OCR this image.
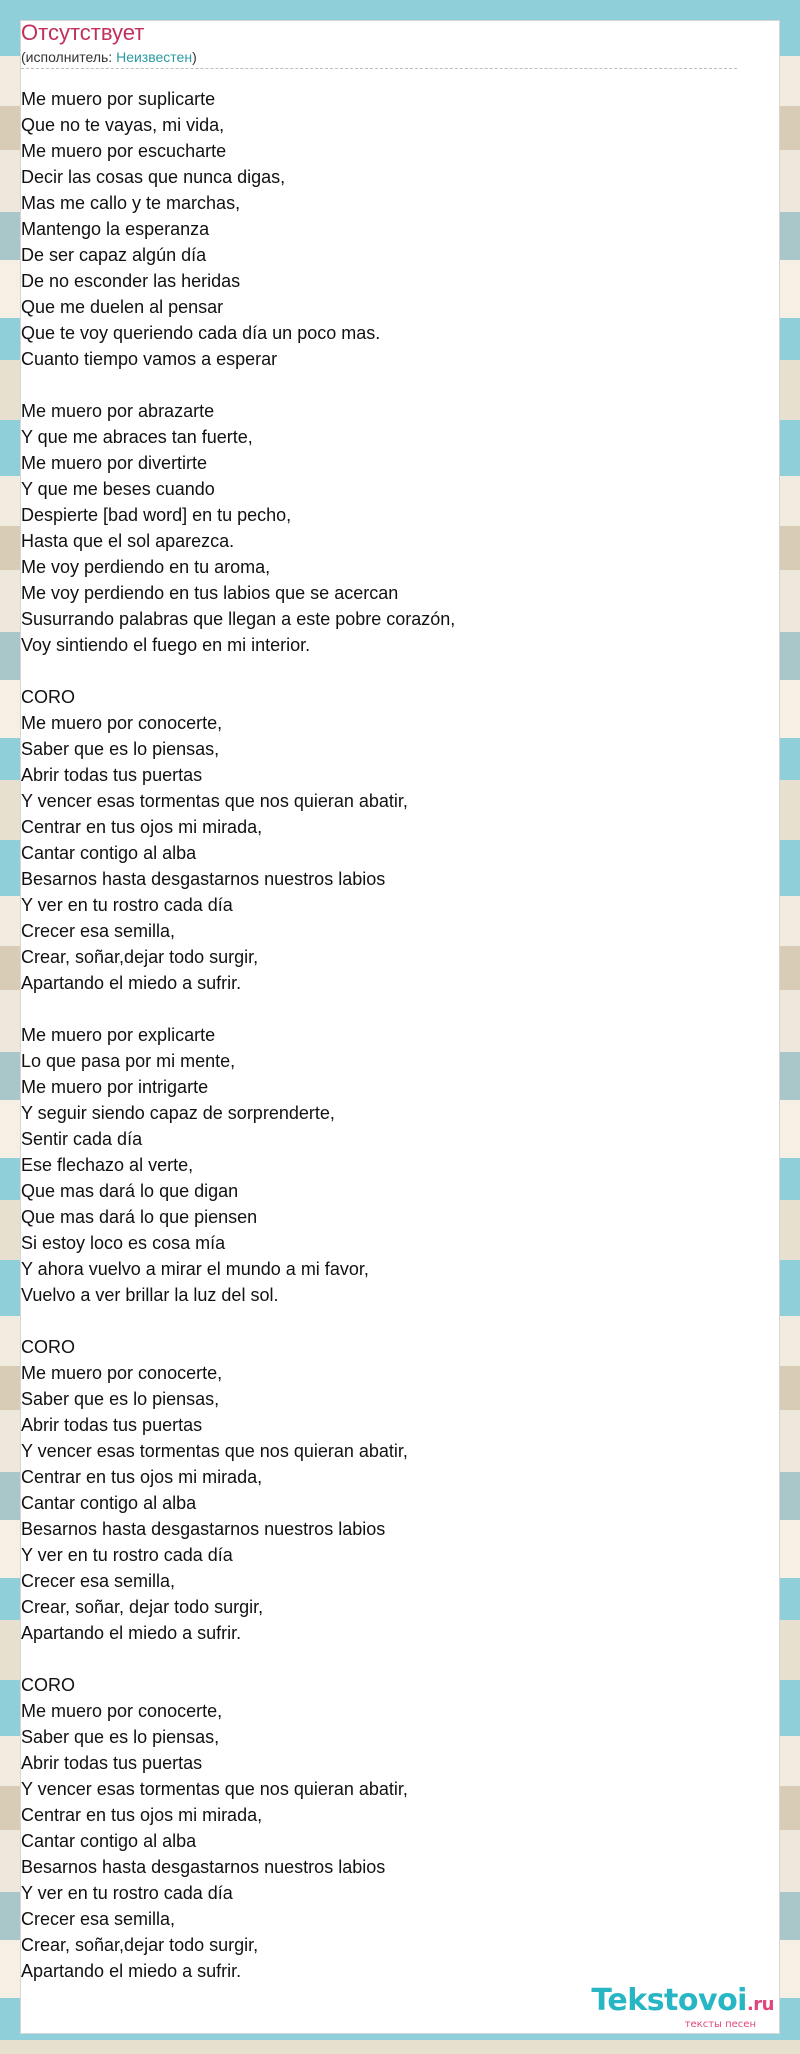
Отсутствует
(исполнитель: Неизвестен)
Me muero por suplicarte
Que no te vayas, mi vida,
Me muero por escucharte
Decir las cosas que nunca digas,
Mas me callo y te marchas,
Mantengo la esperanza
De ser capaz algún día
De no esconder las heridas
Que me duelen al pensar
Que te voy queriendo cada día un poco mas.
Cuanto tiempo vamos a esperar
Me muero por abrazarte
Y que me abraces tan fuerte,
Me muero por divertirte
Y que me beses cuando
Despierte [bad word] en tu pecho,
Hasta que el sol aparezca.
Me voy perdiendo en tu aroma,
Me voy perdiendo en tus labios que se acercan
Susurrando palabras que llegan a este pobre corazón,
Voy sintiendo el fuego en mi interior.
CORO
Me muero por conocerte,
Saber que es lo piensas,
Abrir todas tus puertas
Y vencer esas tormentas que nos quieran abatir,
Centrar en tus ojos mi mirada,
Cantar contigo al alba
Besarnos hasta desgastarnos nuestros labios
Y ver en tu rostro cada día
Crecer esa semilla,
Crear, soñar,dejar todo surgir,
Apartando el miedo a sufrir.
Me muero por explicarte
Lo que pasa por mi mente,
Me muero por intrigarte
Y seguir siendo capaz de sorprenderte,
Sentir cada día
Ese flechazo al verte,
Que mas dará lo que digan
Que mas dará lo que piensen
Si estoy loco es cosa mía
Y ahora vuelvo a mirar el mundo a mi favor,
Vuelvo a ver brillar la luz del sol.
CORO
Me muero por conocerte,
Saber que es lo piensas,
Abrir todas tus puertas
Y vencer esas tormentas que nos quieran abatir,
Centrar en tus ojos mi mirada,
Cantar contigo al alba
Besarnos hasta desgastarnos nuestros labios
Y ver en tu rostro cada día
Crecer esa semilla,
Crear, soñar, dejar todo surgir,
Apartando el miedo a sufrir.
CORO
Me muero por conocerte,
Saber que es lo piensas,
Abrir todas tus puertas
Y vencer esas tormentas que nos quieran abatir,
Centrar en tus ojos mi mirada,
Cantar contigo al alba
Besarnos hasta desgastarnos nuestros labios
Y ver en tu rostro cada día
Crecer esa semilla,
Crear, soñar,dejar todo surgir,
Apartando el miedo a sufrir.
Tekstovoi.ru
тексты песен
